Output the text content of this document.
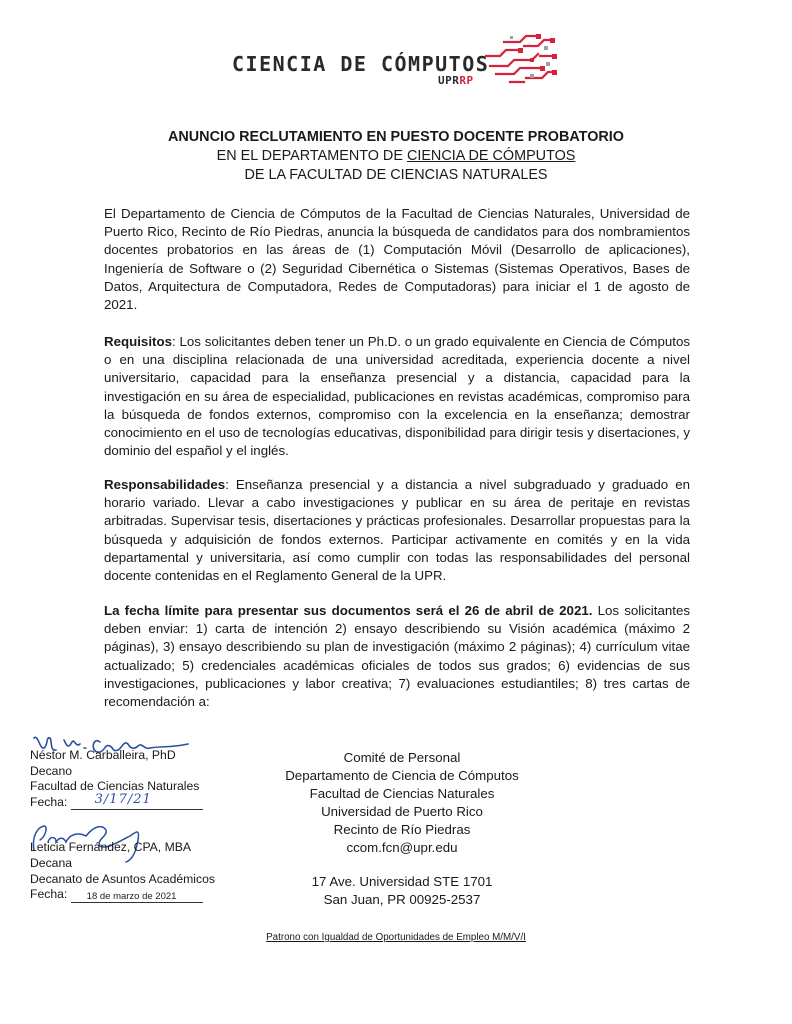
CIENCIA DE CÓMPUTOS
UPRRP
ANUNCIO RECLUTAMIENTO EN PUESTO DOCENTE PROBATORIO
EN EL DEPARTAMENTO DE CIENCIA DE CÓMPUTOS
DE LA FACULTAD DE CIENCIAS NATURALES
El Departamento de Ciencia de Cómputos de la Facultad de Ciencias Naturales, Universidad de Puerto Rico, Recinto de Río Piedras, anuncia la búsqueda de candidatos para dos nombramientos docentes probatorios en las áreas de (1) Computación Móvil (Desarrollo de aplicaciones), Ingeniería de Software o (2) Seguridad Cibernética o Sistemas (Sistemas Operativos, Bases de Datos, Arquitectura de Computadora, Redes de Computadoras) para iniciar el 1 de agosto de 2021.
Requisitos: Los solicitantes deben tener un Ph.D. o un grado equivalente en Ciencia de Cómputos o en una disciplina relacionada de una universidad acreditada, experiencia docente a nivel universitario, capacidad para la enseñanza presencial y a distancia, capacidad para la investigación en su área de especialidad, publicaciones en revistas académicas, compromiso para la búsqueda de fondos externos, compromiso con la excelencia en la enseñanza; demostrar conocimiento en el uso de tecnologías educativas, disponibilidad para dirigir tesis y disertaciones, y dominio del español y el inglés.
Responsabilidades: Enseñanza presencial y a distancia a nivel subgraduado y graduado en horario variado. Llevar a cabo investigaciones y publicar en su área de peritaje en revistas arbitradas. Supervisar tesis, disertaciones y prácticas profesionales. Desarrollar propuestas para la búsqueda y adquisición de fondos externos. Participar activamente en comités y en la vida departamental y universitaria, así como cumplir con todas las responsabilidades del personal docente contenidas en el Reglamento General de la UPR.
La fecha límite para presentar sus documentos será el 26 de abril de 2021. Los solicitantes deben enviar: 1) carta de intención 2) ensayo describiendo su Visión académica (máximo 2 páginas), 3) ensayo describiendo su plan de investigación (máximo 2 páginas); 4) currículum vitae actualizado; 5) credenciales académicas oficiales de todos sus grados; 6) evidencias de sus investigaciones, publicaciones y labor creativa; 7) evaluaciones estudiantiles; 8) tres cartas de recomendación a:
Néstor M. Carballeira, PhD
Decano
Facultad de Ciencias Naturales
Fecha: 3/17/21
Leticia Fernández, CPA, MBA
Decana
Decanato de Asuntos Académicos
Fecha: 18 de marzo de 2021
Comité de Personal
Departamento de Ciencia de Cómputos
Facultad de Ciencias Naturales
Universidad de Puerto Rico
Recinto de Río Piedras
ccom.fcn@upr.edu
17 Ave. Universidad STE 1701
San Juan, PR 00925-2537
Patrono con Igualdad de Oportunidades de Empleo M/M/V/I
